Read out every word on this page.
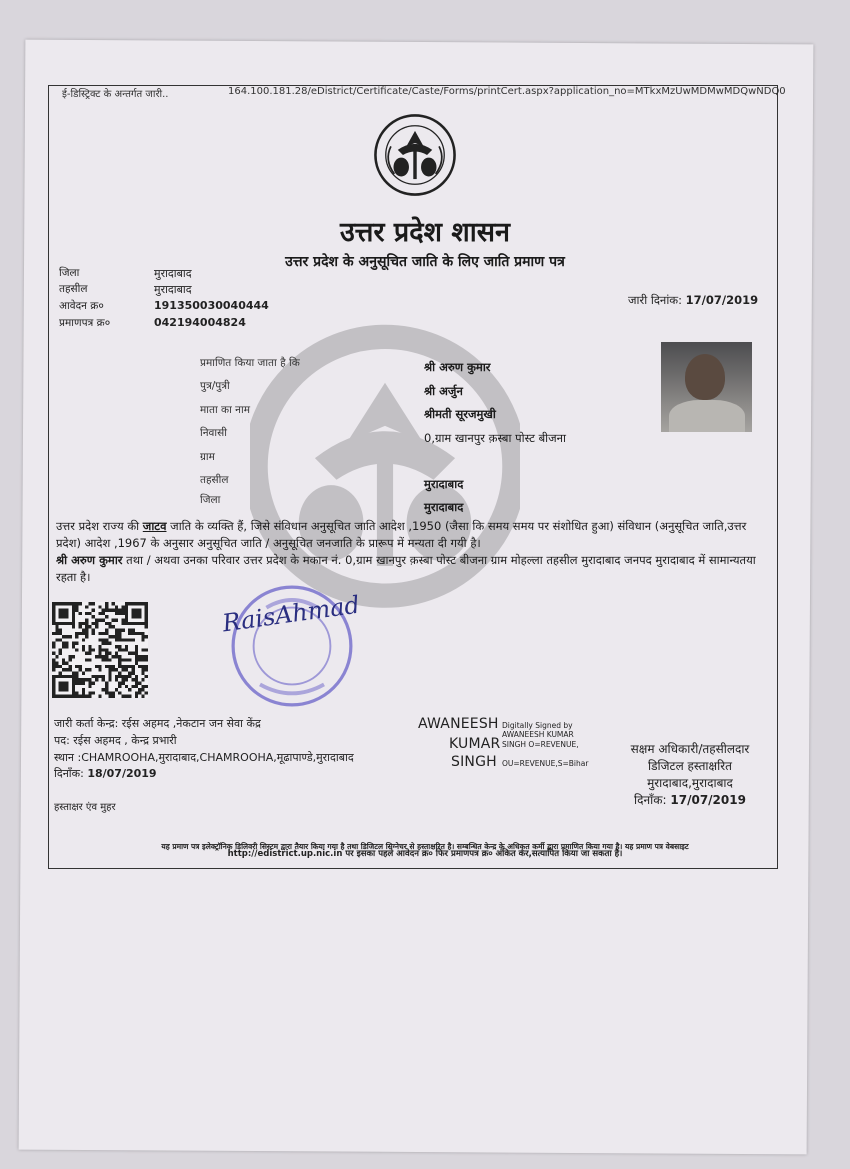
ई-डिस्ट्रिक्ट के अन्तर्गत जारी..	164.100.181.28/eDistrict/Certificate/Caste/Forms/printCert.aspx?application_no=MTkxMzUwMDMwMDQwNDQ0
उत्तर प्रदेश शासन
उत्तर प्रदेश के अनुसूचित जाति के लिए जाति प्रमाण पत्र
जिला	मुरादाबाद
तहसील	मुरादाबाद
आवेदन क्र०	191350030040444
प्रमाणपत्र क्र०	042194004824
जारी दिनांक: 17/07/2019
प्रमाणित किया जाता है कि	श्री अरुण कुमार
पुत्र/पुत्री	श्री अर्जुन
माता का नाम	श्रीमती सूरजमुखी
निवासी	0,ग्राम खानपुर क़स्बा पोस्ट बीजना
ग्राम
तहसील	मुरादाबाद
जिला	मुरादाबाद
उत्तर प्रदेश राज्य की जाटव जाति के व्यक्ति हैं, जिसे संविधान अनुसूचित जाति आदेश ,1950 (जैसा कि समय समय पर संशोधित हुआ) संविधान (अनुसूचित जाति,उत्तर प्रदेश) आदेश ,1967 के अनुसार अनुसूचित जाति / अनुसूचित जनजाति के प्रारूप में मन्यता दी गयी है।
श्री अरुण कुमार तथा / अथवा उनका परिवार उत्तर प्रदेश के मकान नं. 0,ग्राम खानपुर क़स्बा पोस्ट बीजना ग्राम मोहल्ला तहसील मुरादाबाद जनपद मुरादाबाद में सामान्यतया रहता है।
RaisAhmad
जारी कर्ता केन्द्र: रईस अहमद ,नेकटान जन सेवा केंद्र
पद: रईस अहमद , केन्द्र प्रभारी
स्थान :CHAMROOHA,मुरादाबाद,CHAMROOHA,मूढापाण्डे,मुरादाबाद
दिनाँक: 18/07/2019
हस्ताक्षर एंव मुहर
AWANEESH
KUMAR
SINGH
Digitally Signed by
AWANEESH KUMAR
SINGH O=REVENUE,
OU=REVENUE,S=Bihar
सक्षम अधिकारी/तहसीलदार
डिजिटल हस्ताक्षरित
मुरादाबाद,मुरादाबाद
दिनाँक: 17/07/2019
यह प्रमाण पत्र इलेक्ट्रॉनिक डिलिवरी सिस्टम द्वारा तैयार किया गया है तथा डिजिटल सिग्नेचर से हस्ताक्षरित है। सम्बन्धित केन्द्र के अधिकृत कर्मी द्वारा प्रमाणित किया गया है। यह प्रमाण पत्र वेबसाइट
http://edistrict.up.nic.in पर इसका पहले आवेदन क्र० फिर प्रमाणपत्र क्र० अंकित कर,सत्यापित किया जा सकता है।
